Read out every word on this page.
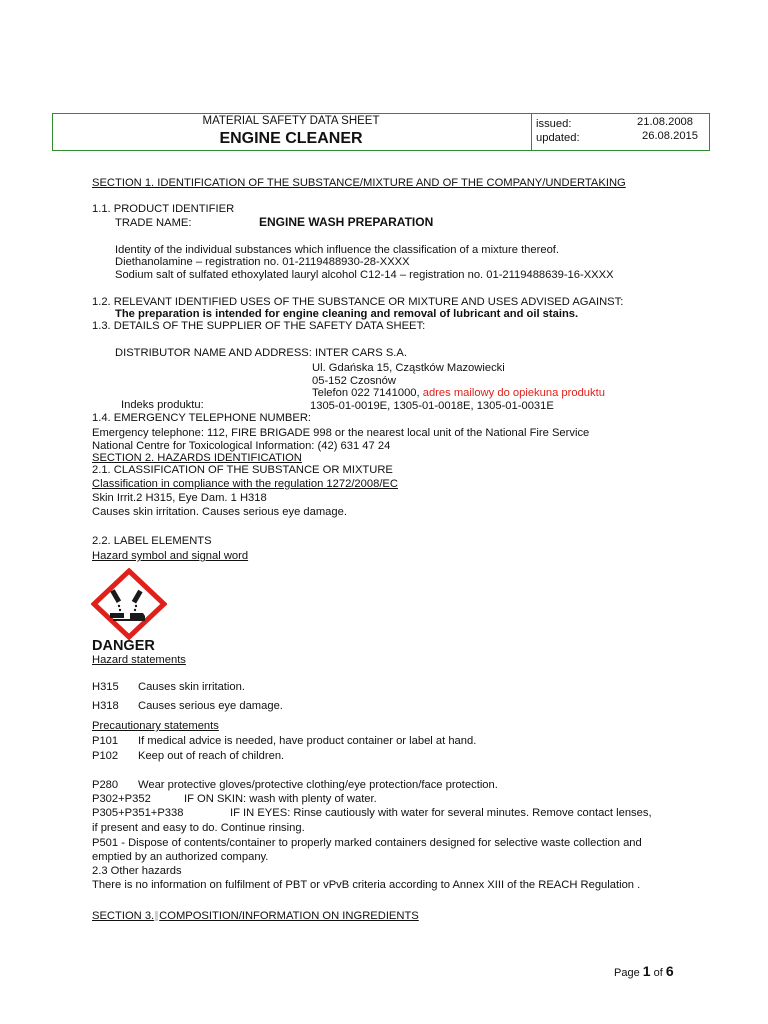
MATERIAL SAFETY DATA SHEET
ENGINE CLEANER
issued:	21.08.2008
updated:	26.08.2015
SECTION 1. IDENTIFICATION OF THE SUBSTANCE/MIXTURE AND OF THE COMPANY/UNDERTAKING
1.1. PRODUCT IDENTIFIER
TRADE NAME:	ENGINE WASH PREPARATION
Identity of the individual substances which influence the classification of a mixture thereof.
Diethanolamine – registration no. 01-2119488930-28-XXXX
Sodium salt of sulfated ethoxylated lauryl alcohol C12-14 – registration no. 01-2119488639-16-XXXX
1.2. RELEVANT IDENTIFIED USES OF THE SUBSTANCE OR MIXTURE AND USES ADVISED AGAINST:
The preparation is intended for engine cleaning and removal of lubricant and oil stains.
1.3. DETAILS OF THE SUPPLIER OF THE SAFETY DATA SHEET:
DISTRIBUTOR NAME AND ADDRESS: INTER CARS S.A.
Ul. Gdańska 15, Cząstków Mazowiecki
05-152 Czosnów
Telefon 022 7141000, adres mailowy do opiekuna produktu
Indeks produktu:	1305-01-0019E, 1305-01-0018E, 1305-01-0031E
1.4. EMERGENCY TELEPHONE NUMBER:
Emergency telephone: 112, FIRE BRIGADE 998 or the nearest local unit of the National Fire Service
National Centre for Toxicological Information: (42) 631 47 24
SECTION 2. HAZARDS IDENTIFICATION
2.1. CLASSIFICATION OF THE SUBSTANCE OR MIXTURE
Classification in compliance with the regulation 1272/2008/EC
Skin Irrit.2 H315, Eye Dam. 1 H318
Causes skin irritation. Causes serious eye damage.
2.2. LABEL ELEMENTS
Hazard symbol and signal word
DANGER
Hazard statements
H315 Causes skin irritation.
H318 Causes serious eye damage.
Precautionary statements
P101 If medical advice is needed, have product container or label at hand.
P102 Keep out of reach of children.
P280 Wear protective gloves/protective clothing/eye protection/face protection.
P302+P352	IF ON SKIN: wash with plenty of water.
P305+P351+P338	IF IN EYES: Rinse cautiously with water for several minutes. Remove contact lenses,
if present and easy to do. Continue rinsing.
P501 - Dispose of contents/container to properly marked containers designed for selective waste collection and
emptied by an authorized company.
2.3 Other hazards
There is no information on fulfilment of PBT or vPvB criteria according to Annex XIII of the REACH Regulation .
SECTION 3. COMPOSITION/INFORMATION ON INGREDIENTS
Page 1 of 6
